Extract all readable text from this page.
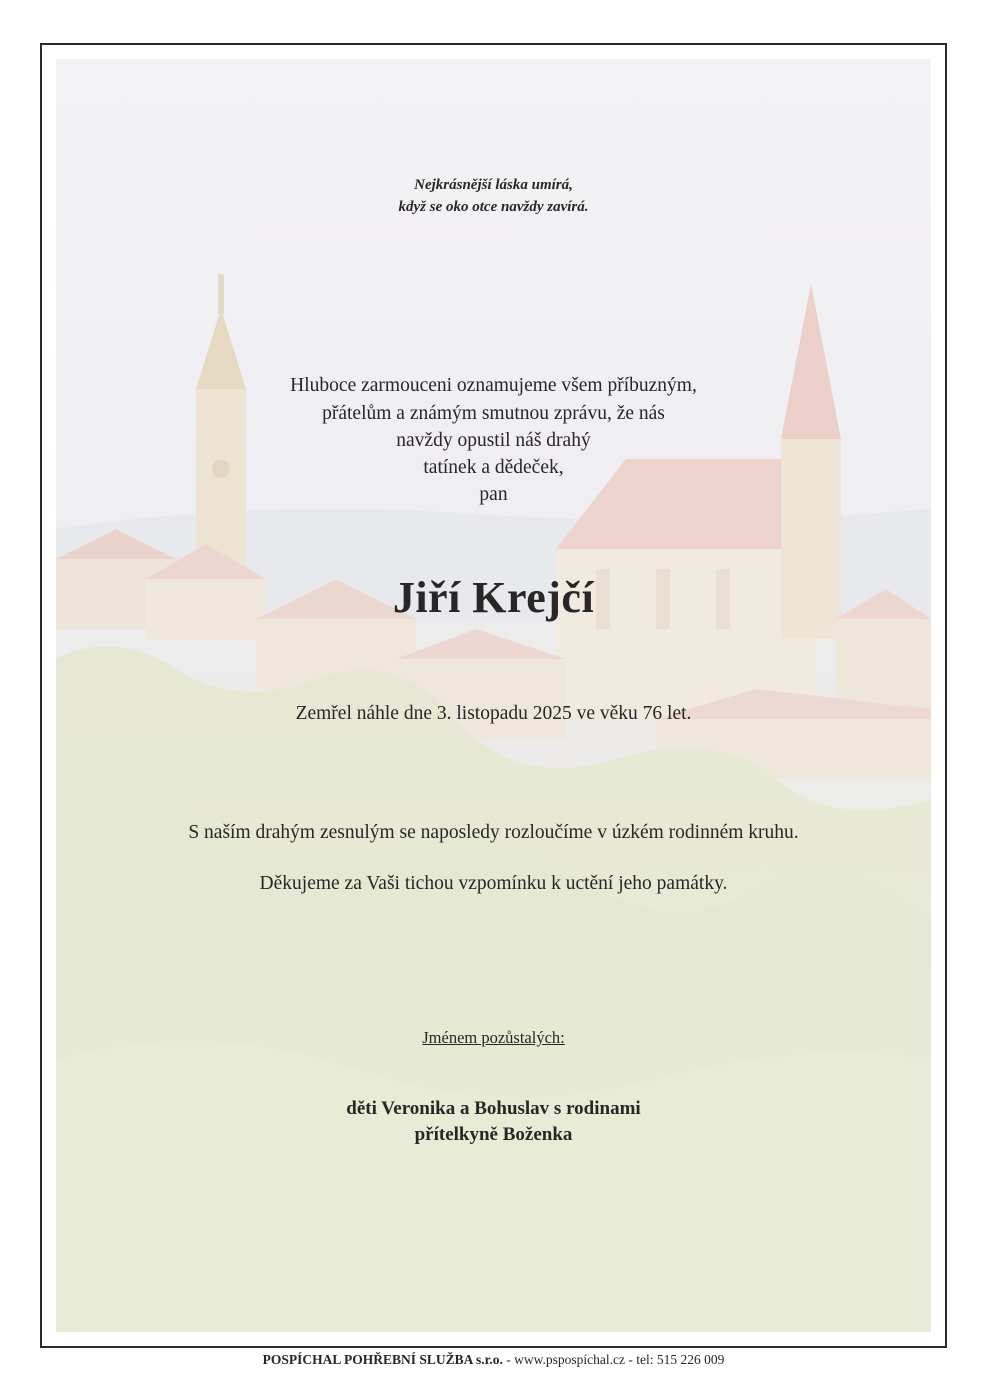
Nejkrásnější láska umírá,
když se oko otce navždy zavírá.
Hluboce zarmouceni oznamujeme všem příbuzným,
přátelům a známým smutnou zprávu, že nás
navždy opustil náš drahý
tatínek a dědeček,
pan
Jiří Krejčí
Zemřel náhle dne 3. listopadu 2025 ve věku 76 let.
S naším drahým zesnulým se naposledy rozloučíme v úzkém rodinném kruhu.
Děkujeme za Vaši tichou vzpomínku k uctění jeho památky.
Jménem pozůstalých:
děti Veronika a Bohuslav s rodinami
přítelkyně Boženka
POSPÍCHAL POHŘEBNÍ SLUŽBA s.r.o. - www.pspospíchal.cz - tel: 515 226 009
